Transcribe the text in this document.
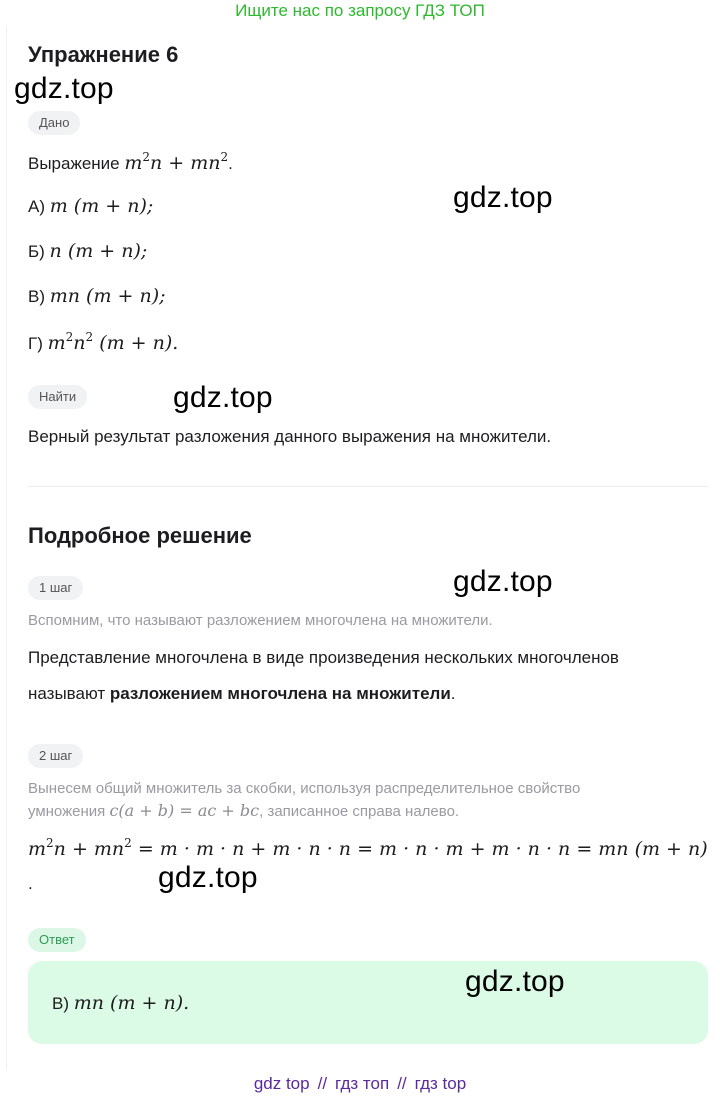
Ищите нас по запросу ГДЗ ТОП
Упражнение 6
gdz.top
Дано
Выражение $m^2n + mn^2$.
gdz.top
А) m (m + n);
Б) n (m + n);
В) mn (m + n);
Г) $m^2n^2$ (m + n).
Найти	gdz.top
Верный результат разложения данного выражения на множители.
Подробное решение
1 шаг	gdz.top
Вспомним, что называют разложением многочлена на множители.
Представление многочлена в виде произведения нескольких многочленов
называют разложением многочлена на множители.
2 шаг
Вынесем общий множитель за скобки, используя распределительное свойство
умножения c(a + b) = ac + bc, записанное справа налево.
$m^2n + mn^2 = m \cdot m \cdot n + m \cdot n \cdot n = m \cdot n \cdot m + m \cdot n \cdot n$ = mn (m + n)
.	gdz.top
Ответ
В) mn (m + n).
gdz.top
gdz top // гдз топ // гдз top
